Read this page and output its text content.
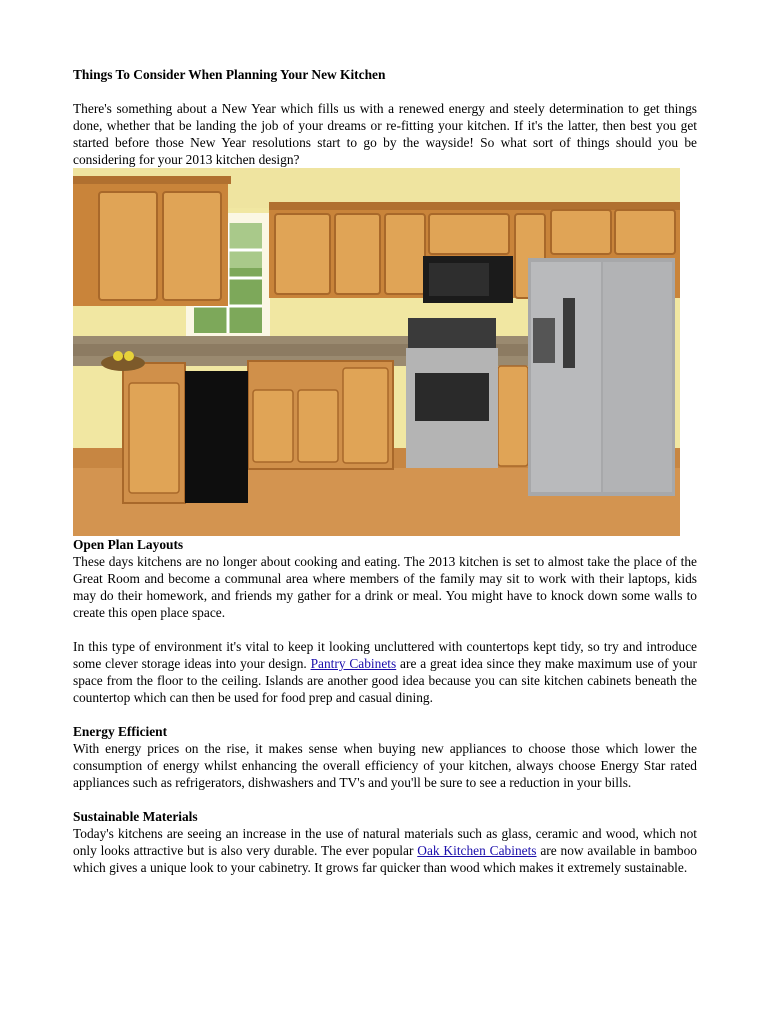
Things To Consider When Planning Your New Kitchen

There's something about a New Year which fills us with a renewed energy and steely determination to get things done, whether that be landing the job of your dreams or re-fitting your kitchen. If it's the latter, then best you get started before those New Year resolutions start to go by the wayside! So what sort of things should you be considering for your 2013 kitchen design?

Open Plan Layouts

These days kitchens are no longer about cooking and eating. The 2013 kitchen is set to almost take the place of the Great Room and become a communal area where members of the family may sit to work with their laptops, kids may do their homework, and friends my gather for a drink or meal. You might have to knock down some walls to create this open place space.

In this type of environment it's vital to keep it looking uncluttered with countertops kept tidy, so try and introduce some clever storage ideas into your design. Pantry Cabinets are a great idea since they make maximum use of your space from the floor to the ceiling. Islands are another good idea because you can site kitchen cabinets beneath the countertop which can then be used for food prep and casual dining.

Energy Efficient

With energy prices on the rise, it makes sense when buying new appliances to choose those which lower the consumption of energy whilst enhancing the overall efficiency of your kitchen, always choose Energy Star rated appliances such as refrigerators, dishwashers and TV's and you'll be sure to see a reduction in your bills.

Sustainable Materials

Today's kitchens are seeing an increase in the use of natural materials such as glass, ceramic and wood, which not only looks attractive but is also very durable. The ever popular Oak Kitchen Cabinets are now available in bamboo which gives a unique look to your cabinetry. It grows far quicker than wood which makes it extremely sustainable.
